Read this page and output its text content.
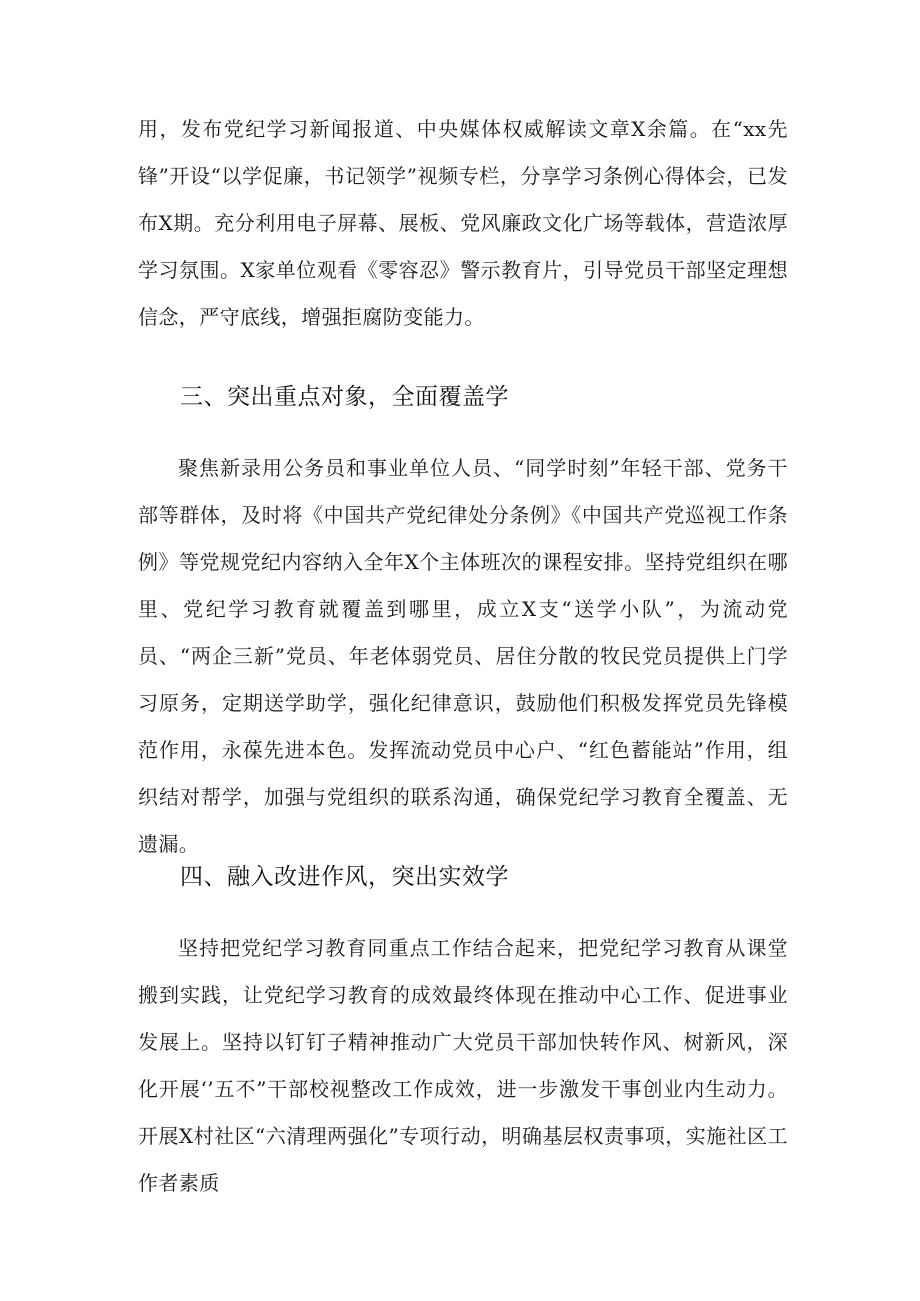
用，发布党纪学习新闻报道、中央媒体权威解读文章X余篇。在“xx先锋”开设“以学促廉，书记领学”视频专栏，分享学习条例心得体会，已发布X期。充分利用电子屏幕、展板、党风廉政文化广场等载体，营造浓厚学习氛围。X家单位观看《零容忍》警示教育片，引导党员干部坚定理想信念，严守底线，增强拒腐防变能力。

三、突出重点对象，全面覆盖学

聚焦新录用公务员和事业单位人员、“同学时刻”年轻干部、党务干部等群体，及时将《中国共产党纪律处分条例》《中国共产党巡视工作条例》等党规党纪内容纳入全年X个主体班次的课程安排。坚持党组织在哪里、党纪学习教育就覆盖到哪里，成立X支“送学小队”，为流动党员、“两企三新”党员、年老体弱党员、居住分散的牧民党员提供上门学习原务，定期送学助学，强化纪律意识，鼓励他们积极发挥党员先锋模范作用，永葆先进本色。发挥流动党员中心户、“红色蓄能站”作用，组织结对帮学，加强与党组织的联系沟通，确保党纪学习教育全覆盖、无遗漏。

四、融入改进作风，突出实效学

坚持把党纪学习教育同重点工作结合起来，把党纪学习教育从课堂搬到实践，让党纪学习教育的成效最终体现在推动中心工作、促进事业发展上。坚持以钉钉子精神推动广大党员干部加快转作风、树新风，深化开展‘’五不”干部校视整改工作成效，进一步激发干事创业内生动力。开展X村社区“六清理两强化”专项行动，明确基层权责事项，实施社区工作者素质
